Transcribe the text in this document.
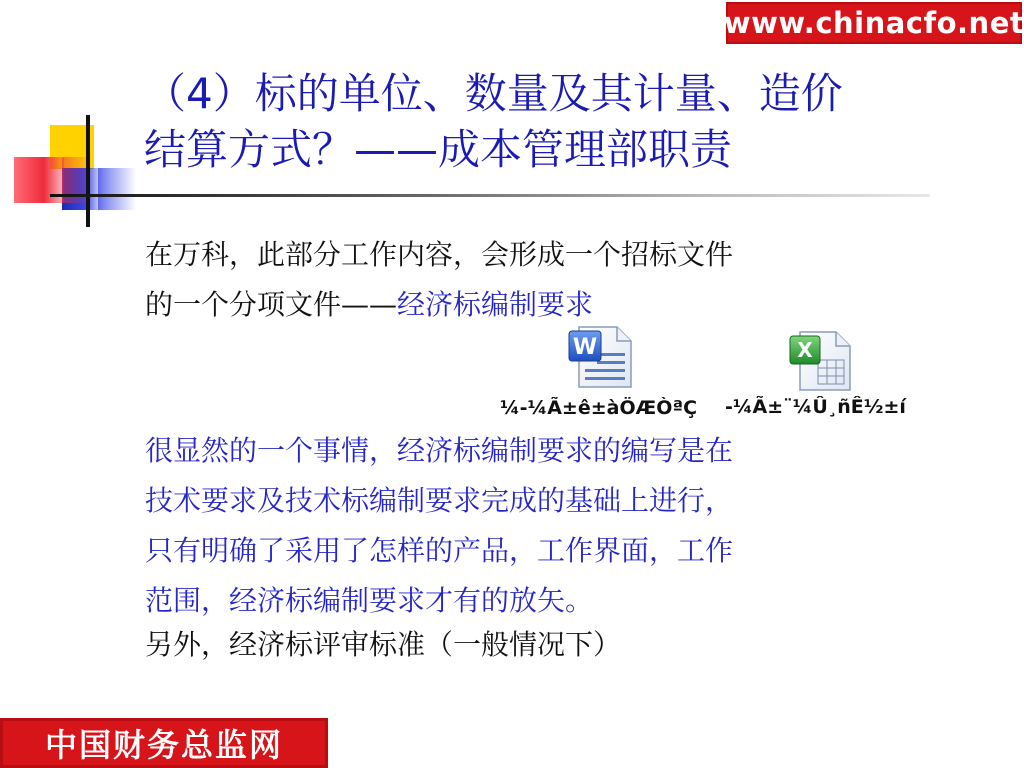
www.chinacfo.net
（4）标的单位、数量及其计量、造价
结算方式？——成本管理部职责
在万科，此部分工作内容，会形成一个招标文件
的一个分项文件——经济标编制要求
W
¼-¼Ã±ê±àÖÆÒªÇ
X
-¼Ã±¨¼Û¸ñÊ½±í
很显然的一个事情，经济标编制要求的编写是在
技术要求及技术标编制要求完成的基础上进行，
只有明确了采用了怎样的产品，工作界面，工作
范围，经济标编制要求才有的放矢。
另外，经济标评审标准（一般情况下）
中国财务总监网
